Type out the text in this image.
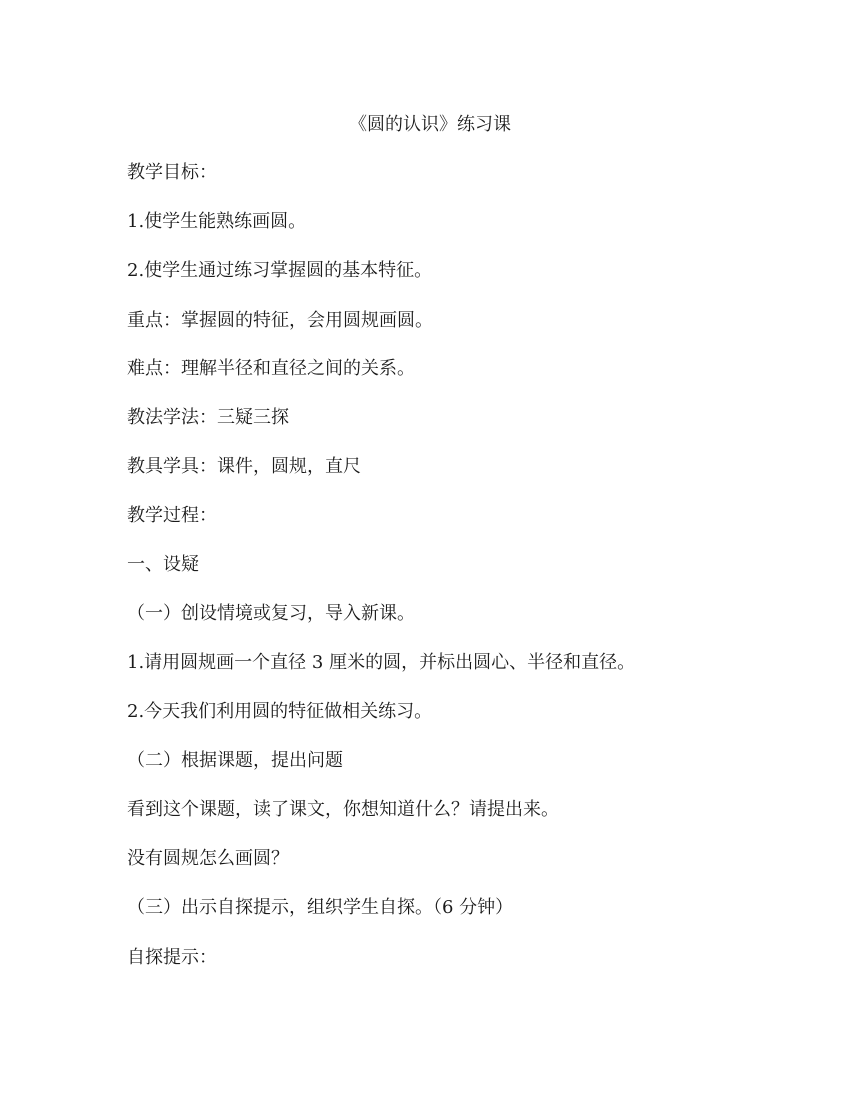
《圆的认识》练习课
教学目标：
1.使学生能熟练画圆。
2.使学生通过练习掌握圆的基本特征。
重点：掌握圆的特征，会用圆规画圆。
难点：理解半径和直径之间的关系。
教法学法：三疑三探
教具学具：课件，圆规，直尺
教学过程：
一、设疑
（一）创设情境或复习，导入新课。
1.请用圆规画一个直径 3 厘米的圆，并标出圆心、半径和直径。
2.今天我们利用圆的特征做相关练习。
（二）根据课题，提出问题
看到这个课题，读了课文，你想知道什么？请提出来。
没有圆规怎么画圆？
（三）出示自探提示，组织学生自探。（6 分钟）
自探提示：
